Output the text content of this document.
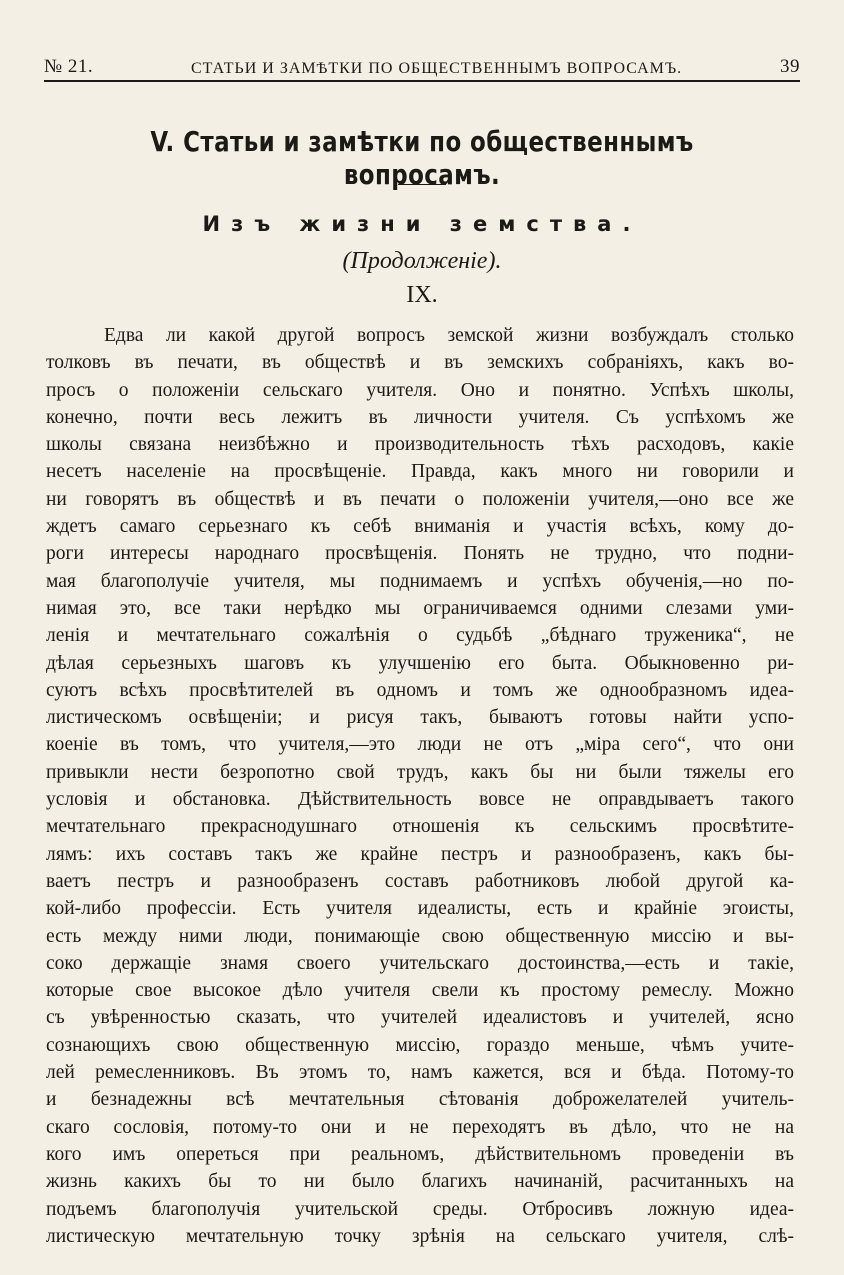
№ 21.	СТАТЬИ И ЗАМѢТКИ ПО ОБЩЕСТВЕННЫМЪ ВОПРОСАМЪ.	39
V. Статьи и замѣтки по общественнымъ вопросамъ.
Изъ жизни земства.
(Продолженіе).
IX.
Едва ли какой другой вопросъ земской жизни возбуждалъ столько
толковъ въ печати, въ обществѣ и въ земскихъ собраніяхъ, какъ во-
просъ о положеніи сельскаго учителя. Оно и понятно. Успѣхъ школы,
конечно, почти весь лежитъ въ личности учителя. Съ успѣхомъ же
школы связана неизбѣжно и производительность тѣхъ расходовъ, какіе
несетъ населеніе на просвѣщеніе. Правда, какъ много ни говорили и
ни говорятъ въ обществѣ и въ печати о положеніи учителя,—оно все же
ждетъ самаго серьезнаго къ себѣ вниманія и участія всѣхъ, кому до-
роги интересы народнаго просвѣщенія. Понять не трудно, что подни-
мая благополучіе учителя, мы поднимаемъ и успѣхъ обученія,—но по-
нимая это, все таки нерѣдко мы ограничиваемся одними слезами уми-
ленія и мечтательнаго сожалѣнія о судьбѣ „бѣднаго труженика“, не
дѣлая серьезныхъ шаговъ къ улучшенію его быта. Обыкновенно ри-
суютъ всѣхъ просвѣтителей въ одномъ и томъ же однообразномъ идеа-
листическомъ освѣщеніи; и рисуя такъ, бываютъ готовы найти успо-
коеніе въ томъ, что учителя,—это люди не отъ „міра сего“, что они
привыкли нести безропотно свой трудъ, какъ бы ни были тяжелы его
условія и обстановка. Дѣйствительность вовсе не оправдываетъ такого
мечтательнаго прекраснодушнаго отношенія къ сельскимъ просвѣтите-
лямъ: ихъ составъ такъ же крайне пестръ и разнообразенъ, какъ бы-
ваетъ пестръ и разнообразенъ составъ работниковъ любой другой ка-
кой-либо профессіи. Есть учителя идеалисты, есть и крайніе эгоисты,
есть между ними люди, понимающіе свою общественную миссію и вы-
соко держащіе знамя своего учительскаго достоинства,—есть и такіе,
которые свое высокое дѣло учителя свели къ простому ремеслу. Можно
съ увѣренностью сказать, что учителей идеалистовъ и учителей, ясно
сознающихъ свою общественную миссію, гораздо меньше, чѣмъ учите-
лей ремесленниковъ. Въ этомъ то, намъ кажется, вся и бѣда. Потому-то
и безнадежны всѣ мечтательныя сѣтованія доброжелателей учитель-
скаго сословія, потому-то они и не переходятъ въ дѣло, что не на
кого имъ опереться при реальномъ, дѣйствительномъ проведеніи въ
жизнь какихъ бы то ни было благихъ начинаній, расчитанныхъ на
подъемъ благополучія учительской среды. Отбросивъ ложную идеа-
листическую мечтательную точку зрѣнія на сельскаго учителя, слѣ-
